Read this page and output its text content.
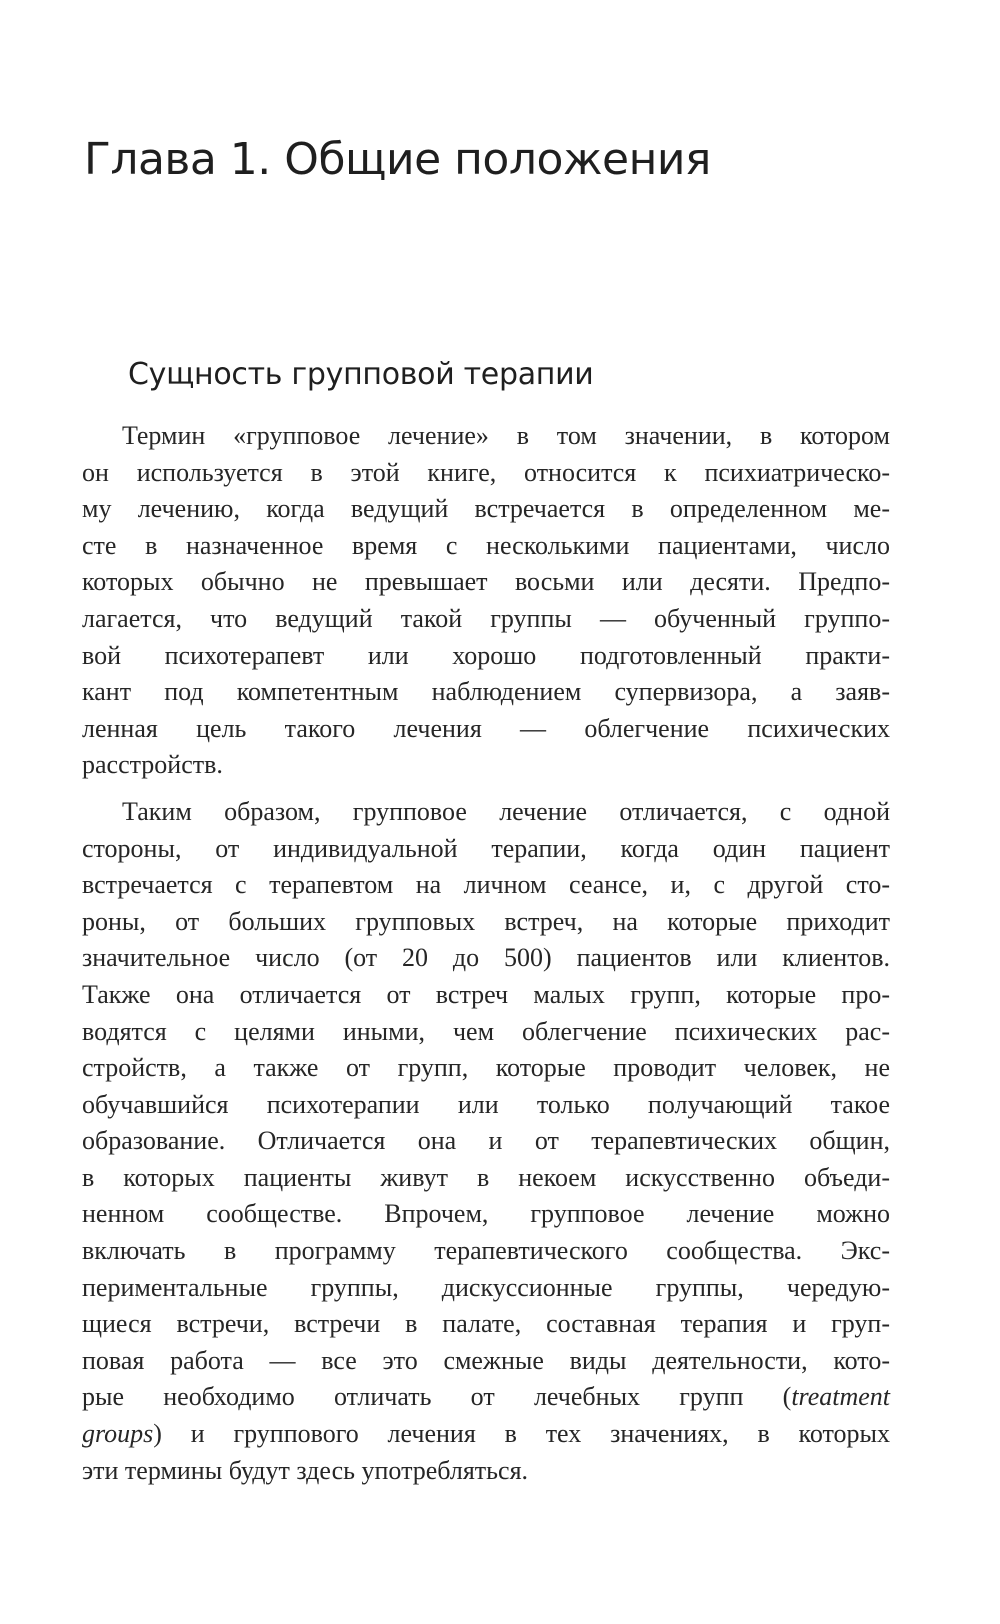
Глава 1. Общие положения
Сущность групповой терапии
Термин «групповое лечение» в том значении, в котором
он используется в этой книге, относится к психиатрическо-
му лечению, когда ведущий встречается в определенном ме-
сте в назначенное время с несколькими пациентами, число
которых обычно не превышает восьми или десяти. Предпо-
лагается, что ведущий такой группы — обученный группо-
вой психотерапевт или хорошо подготовленный практи-
кант под компетентным наблюдением супервизора, а заяв-
ленная цель такого лечения — облегчение психических
расстройств.
Таким образом, групповое лечение отличается, с одной
стороны, от индивидуальной терапии, когда один пациент
встречается с терапевтом на личном сеансе, и, с другой сто-
роны, от больших групповых встреч, на которые приходит
значительное число (от 20 до 500) пациентов или клиентов.
Также она отличается от встреч малых групп, которые про-
водятся с целями иными, чем облегчение психических рас-
стройств, а также от групп, которые проводит человек, не
обучавшийся психотерапии или только получающий такое
образование. Отличается она и от терапевтических общин,
в которых пациенты живут в некоем искусственно объеди-
ненном сообществе. Впрочем, групповое лечение можно
включать в программу терапевтического сообщества. Экс-
периментальные группы, дискуссионные группы, чередую-
щиеся встречи, встречи в палате, составная терапия и груп-
повая работа — все это смежные виды деятельности, кото-
рые необходимо отличать от лечебных групп (treatment
groups) и группового лечения в тех значениях, в которых
эти термины будут здесь употребляться.
